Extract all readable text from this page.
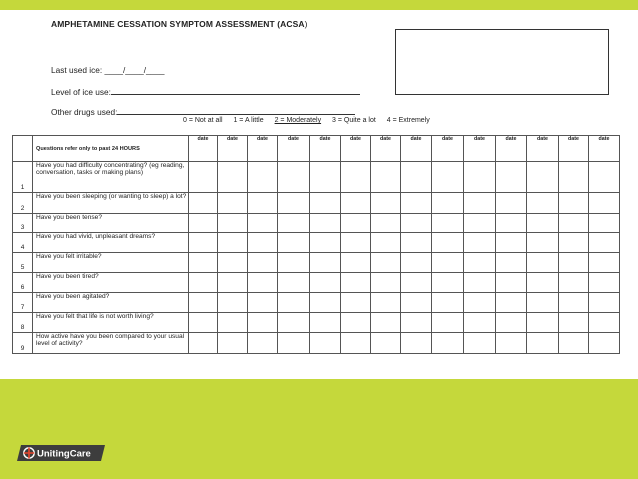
AMPHETAMINE CESSATION SYMPTOM ASSESSMENT (ACSA)
Last used ice: ____/____/____
Level of ice use:
Other drugs used:
0 = Not at all 1 = A little 2 = Moderately 3 = Quite a lot 4 = Extremely
	Questions refer only to past 24 HOURS	date	date	date	date	date	date	date	date	date	date	date	date	date	date
1	Have you had difficulty concentrating? (eg reading, conversation, tasks or making plans)														
2	Have you been sleeping (or wanting to sleep) a lot?														
3	Have you been tense?														
4	Have you had vivid, unpleasant dreams?														
5	Have you felt irritable?														
6	Have you been tired?														
7	Have you been agitated?														
8	Have you felt that life is not worth living?														
9	How active have you been compared to your usual level of activity?														
UnitingCare
